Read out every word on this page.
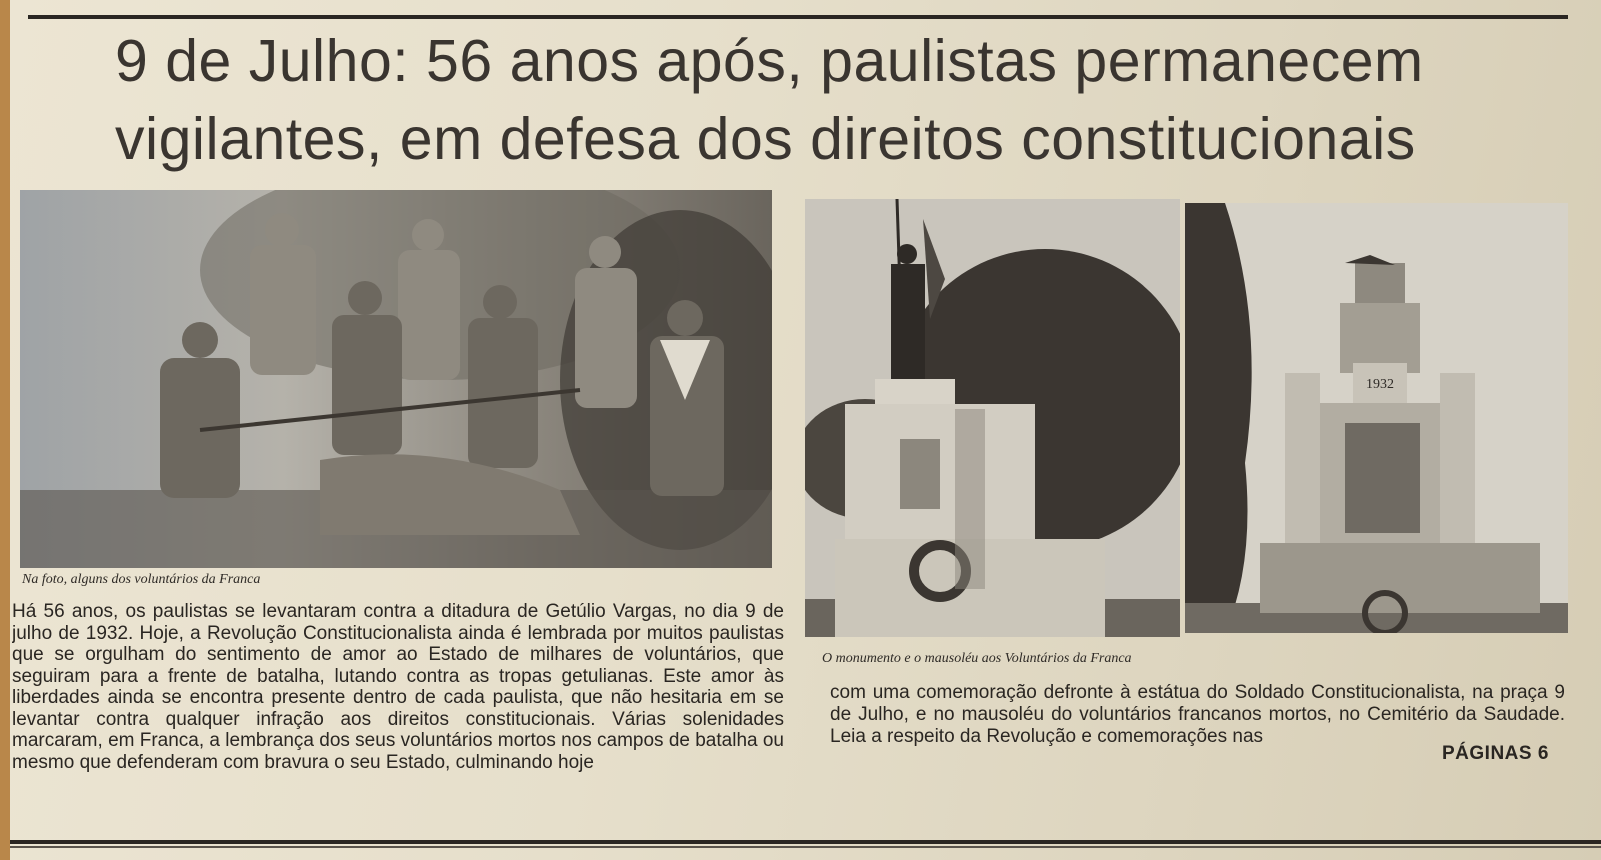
9 de Julho: 56 anos após, paulistas permanecem vigilantes, em defesa dos direitos constitucionais

Na foto, alguns dos voluntários da Franca

1932

O monumento e o mausoléu aos Voluntários da Franca

Há 56 anos, os paulistas se levantaram contra a ditadura de Getúlio Vargas, no dia 9 de julho de 1932. Hoje, a Revolução Constitucionalista ainda é lembrada por muitos paulistas que se orgulham do sentimento de amor ao Estado de milhares de voluntários, que seguiram para a frente de batalha, lutando contra as tropas getulianas. Este amor às liberdades ainda se encontra presente dentro de cada paulista, que não hesitaria em se levantar contra qualquer infração aos direitos constitucionais. Várias solenidades marcaram, em Franca, a lembrança dos seus voluntários mortos nos campos de batalha ou mesmo que defenderam com bravura o seu Estado, culminando hoje

com uma comemoração defronte à estátua do Soldado Constitucionalista, na praça 9 de Julho, e no mausoléu do voluntários francanos mortos, no Cemitério da Saudade. Leia a respeito da Revolução e comemorações nas

PÁGINAS 6
